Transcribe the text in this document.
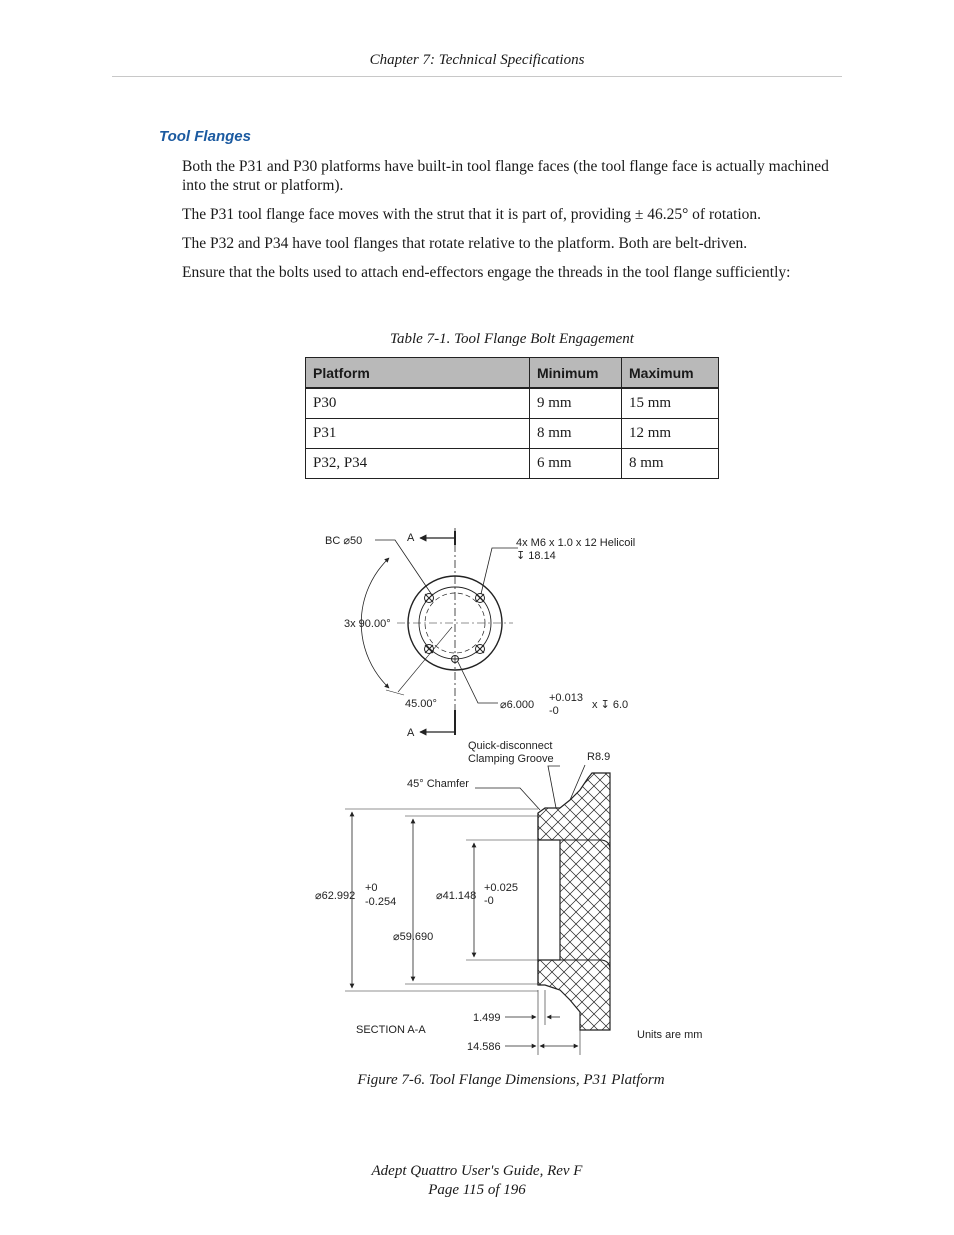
Chapter 7: Technical Specifications
Tool Flanges

Both the P31 and P30 platforms have built-in tool flange faces (the tool flange face is actually machined into the strut or platform).

The P31 tool flange face moves with the strut that it is part of, providing ± 46.25° of rotation.

The P32 and P34 have tool flanges that rotate relative to the platform. Both are belt-driven.

Ensure that the bolts used to attach end-effectors engage the threads in the tool flange sufficiently:

Table 7-1. Tool Flange Bolt Engagement
Platform	Minimum	Maximum
P30	9 mm	15 mm
P31	8 mm	12 mm
P32, P34	6 mm	8 mm
BC ⌀50	A
A
4x M6 x 1.0 x 12 Helicoil
↧ 18.14
3x 90.00°
45.00°	⌀6.000
+0.013
-0	x ↧ 6.0
Quick-disconnect
Clamping Groove	R8.9
45° Chamfer
⌀62.992
+0
-0.254	⌀41.148
+0.025
-0
⌀59.690
SECTION A-A
1.499
14.586
Units are mm
Figure 7-6. Tool Flange Dimensions, P31 Platform
Adept Quattro User's Guide, Rev F
Page 115 of 196
